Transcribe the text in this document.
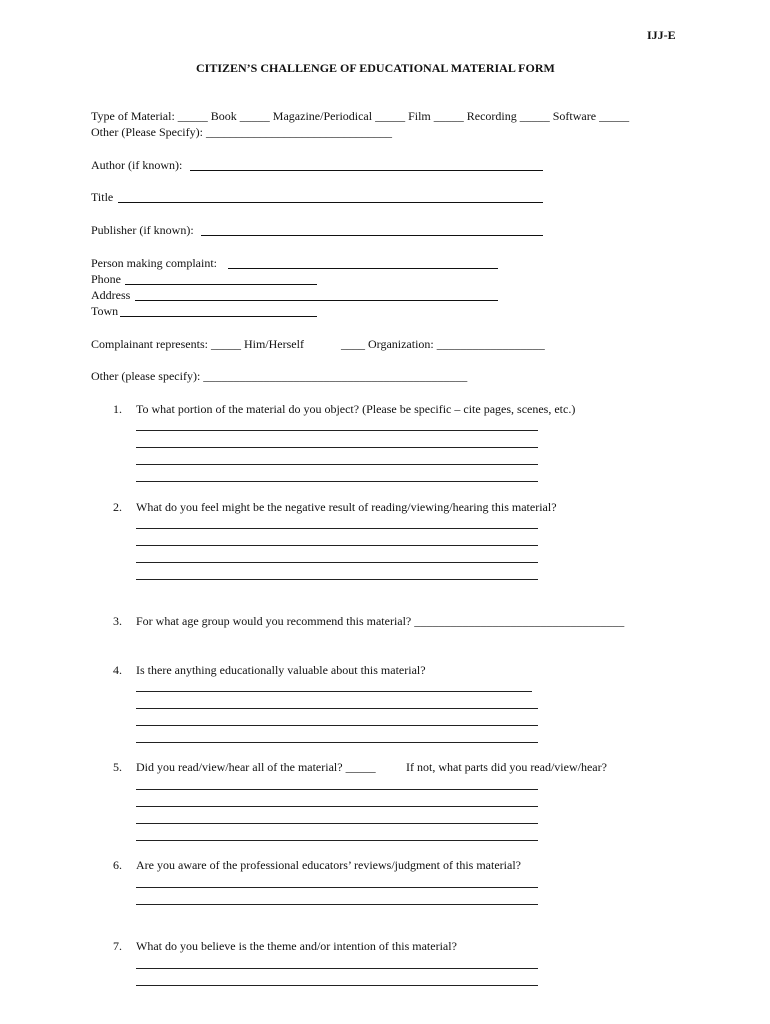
IJJ-E
CITIZEN’S CHALLENGE OF EDUCATIONAL MATERIAL FORM
Type of Material: _____ Book _____ Magazine/Periodical _____ Film _____ Recording _____ Software _____
Other (Please Specify): _______________________________
Author (if known):
Title
Publisher (if known):
Person making complaint:
Phone
Address
Town
Complainant represents: _____ Him/Herself	____ Organization: __________________
Other (please specify): ____________________________________________
1. To what portion of the material do you object? (Please be specific – cite pages, scenes, etc.)
2. What do you feel might be the negative result of reading/viewing/hearing this material?
3. For what age group would you recommend this material? ___________________________________
4. Is there anything educationally valuable about this material?
5. Did you read/view/hear all of the material? _____	If not, what parts did you read/view/hear?
6. Are you aware of the professional educators’ reviews/judgment of this material?
7. What do you believe is the theme and/or intention of this material?
